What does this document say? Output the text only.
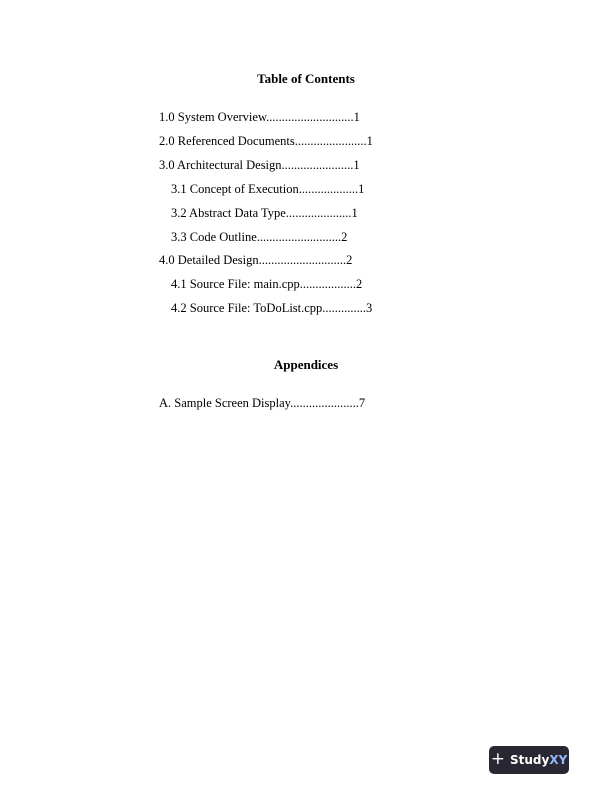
Table of Contents
1.0 System Overview............................1
2.0 Referenced Documents.......................1
3.0 Architectural Design.......................1
3.1 Concept of Execution...................1
3.2 Abstract Data Type.....................1
3.3 Code Outline...........................2
4.0 Detailed Design............................2
4.1 Source File: main.cpp..................2
4.2 Source File: ToDoList.cpp..............3
Appendices
A. Sample Screen Display......................7
+ StudyXY
